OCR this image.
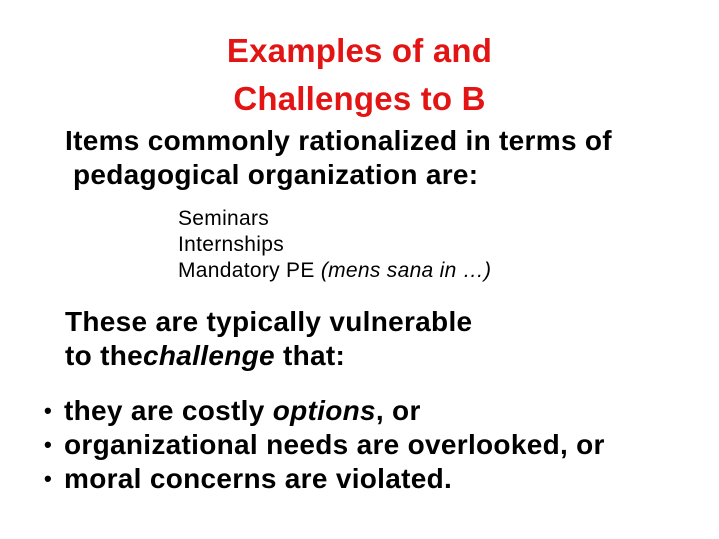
Examples of and
Challenges to B
Items commonly rationalized in terms of
pedagogical organization are:
Seminars
Internships
Mandatory PE (mens sana in …)
These are typically vulnerable
to thechallenge that:
• they are costly options, or
• organizational needs are overlooked, or
• moral concerns are violated.
